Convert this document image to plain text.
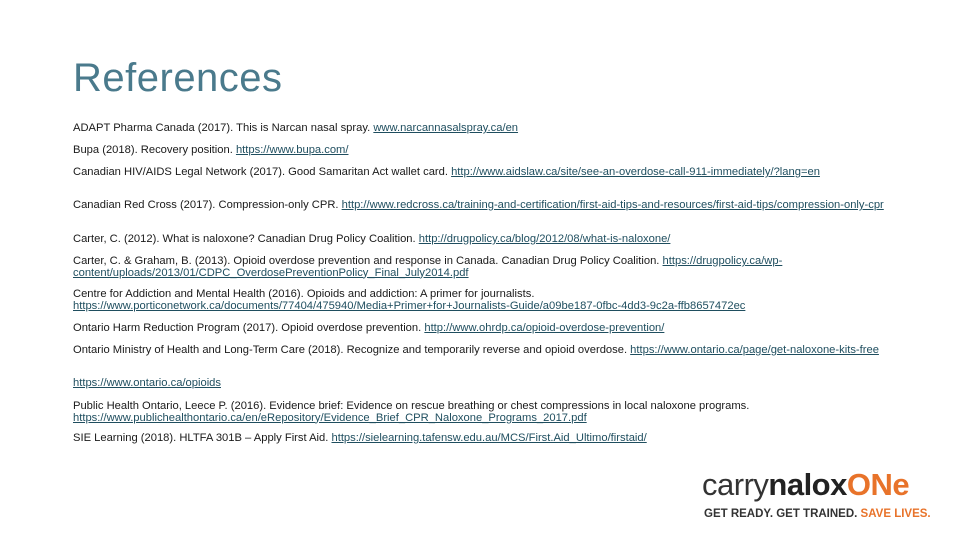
References

ADAPT Pharma Canada (2017). This is Narcan nasal spray. www.narcannasalspray.ca/en

Bupa (2018). Recovery position. https://www.bupa.com/

Canadian HIV/AIDS Legal Network (2017). Good Samaritan Act wallet card. http://www.aidslaw.ca/site/see-an-overdose-call-911-immediately/?lang=en

Canadian Red Cross (2017). Compression-only CPR. http://www.redcross.ca/training-and-certification/first-aid-tips-and-resources/first-aid-tips/compression-only-cpr

Carter, C. (2012). What is naloxone? Canadian Drug Policy Coalition. http://drugpolicy.ca/blog/2012/08/what-is-naloxone/

Carter, C. & Graham, B. (2013). Opioid overdose prevention and response in Canada. Canadian Drug Policy Coalition. https://drugpolicy.ca/wp-content/uploads/2013/01/CDPC_OverdosePreventionPolicy_Final_July2014.pdf

Centre for Addiction and Mental Health (2016). Opioids and addiction: A primer for journalists. https://www.porticonetwork.ca/documents/77404/475940/Media+Primer+for+Journalists-Guide/a09be187-0fbc-4dd3-9c2a-ffb8657472ec

Ontario Harm Reduction Program (2017). Opioid overdose prevention. http://www.ohrdp.ca/opioid-overdose-prevention/

Ontario Ministry of Health and Long-Term Care (2018). Recognize and temporarily reverse and opioid overdose. https://www.ontario.ca/page/get-naloxone-kits-free

https://www.ontario.ca/opioids

Public Health Ontario, Leece P. (2016). Evidence brief: Evidence on rescue breathing or chest compressions in local naloxone programs. https://www.publichealthontario.ca/en/eRepository/Evidence_Brief_CPR_Naloxone_Programs_2017.pdf

SIE Learning (2018). HLTFA 301B – Apply First Aid. https://sielearning.tafensw.edu.au/MCS/First.Aid_Ultimo/firstaid/

carrynaloxONe
GET READY. GET TRAINED. SAVE LIVES.
